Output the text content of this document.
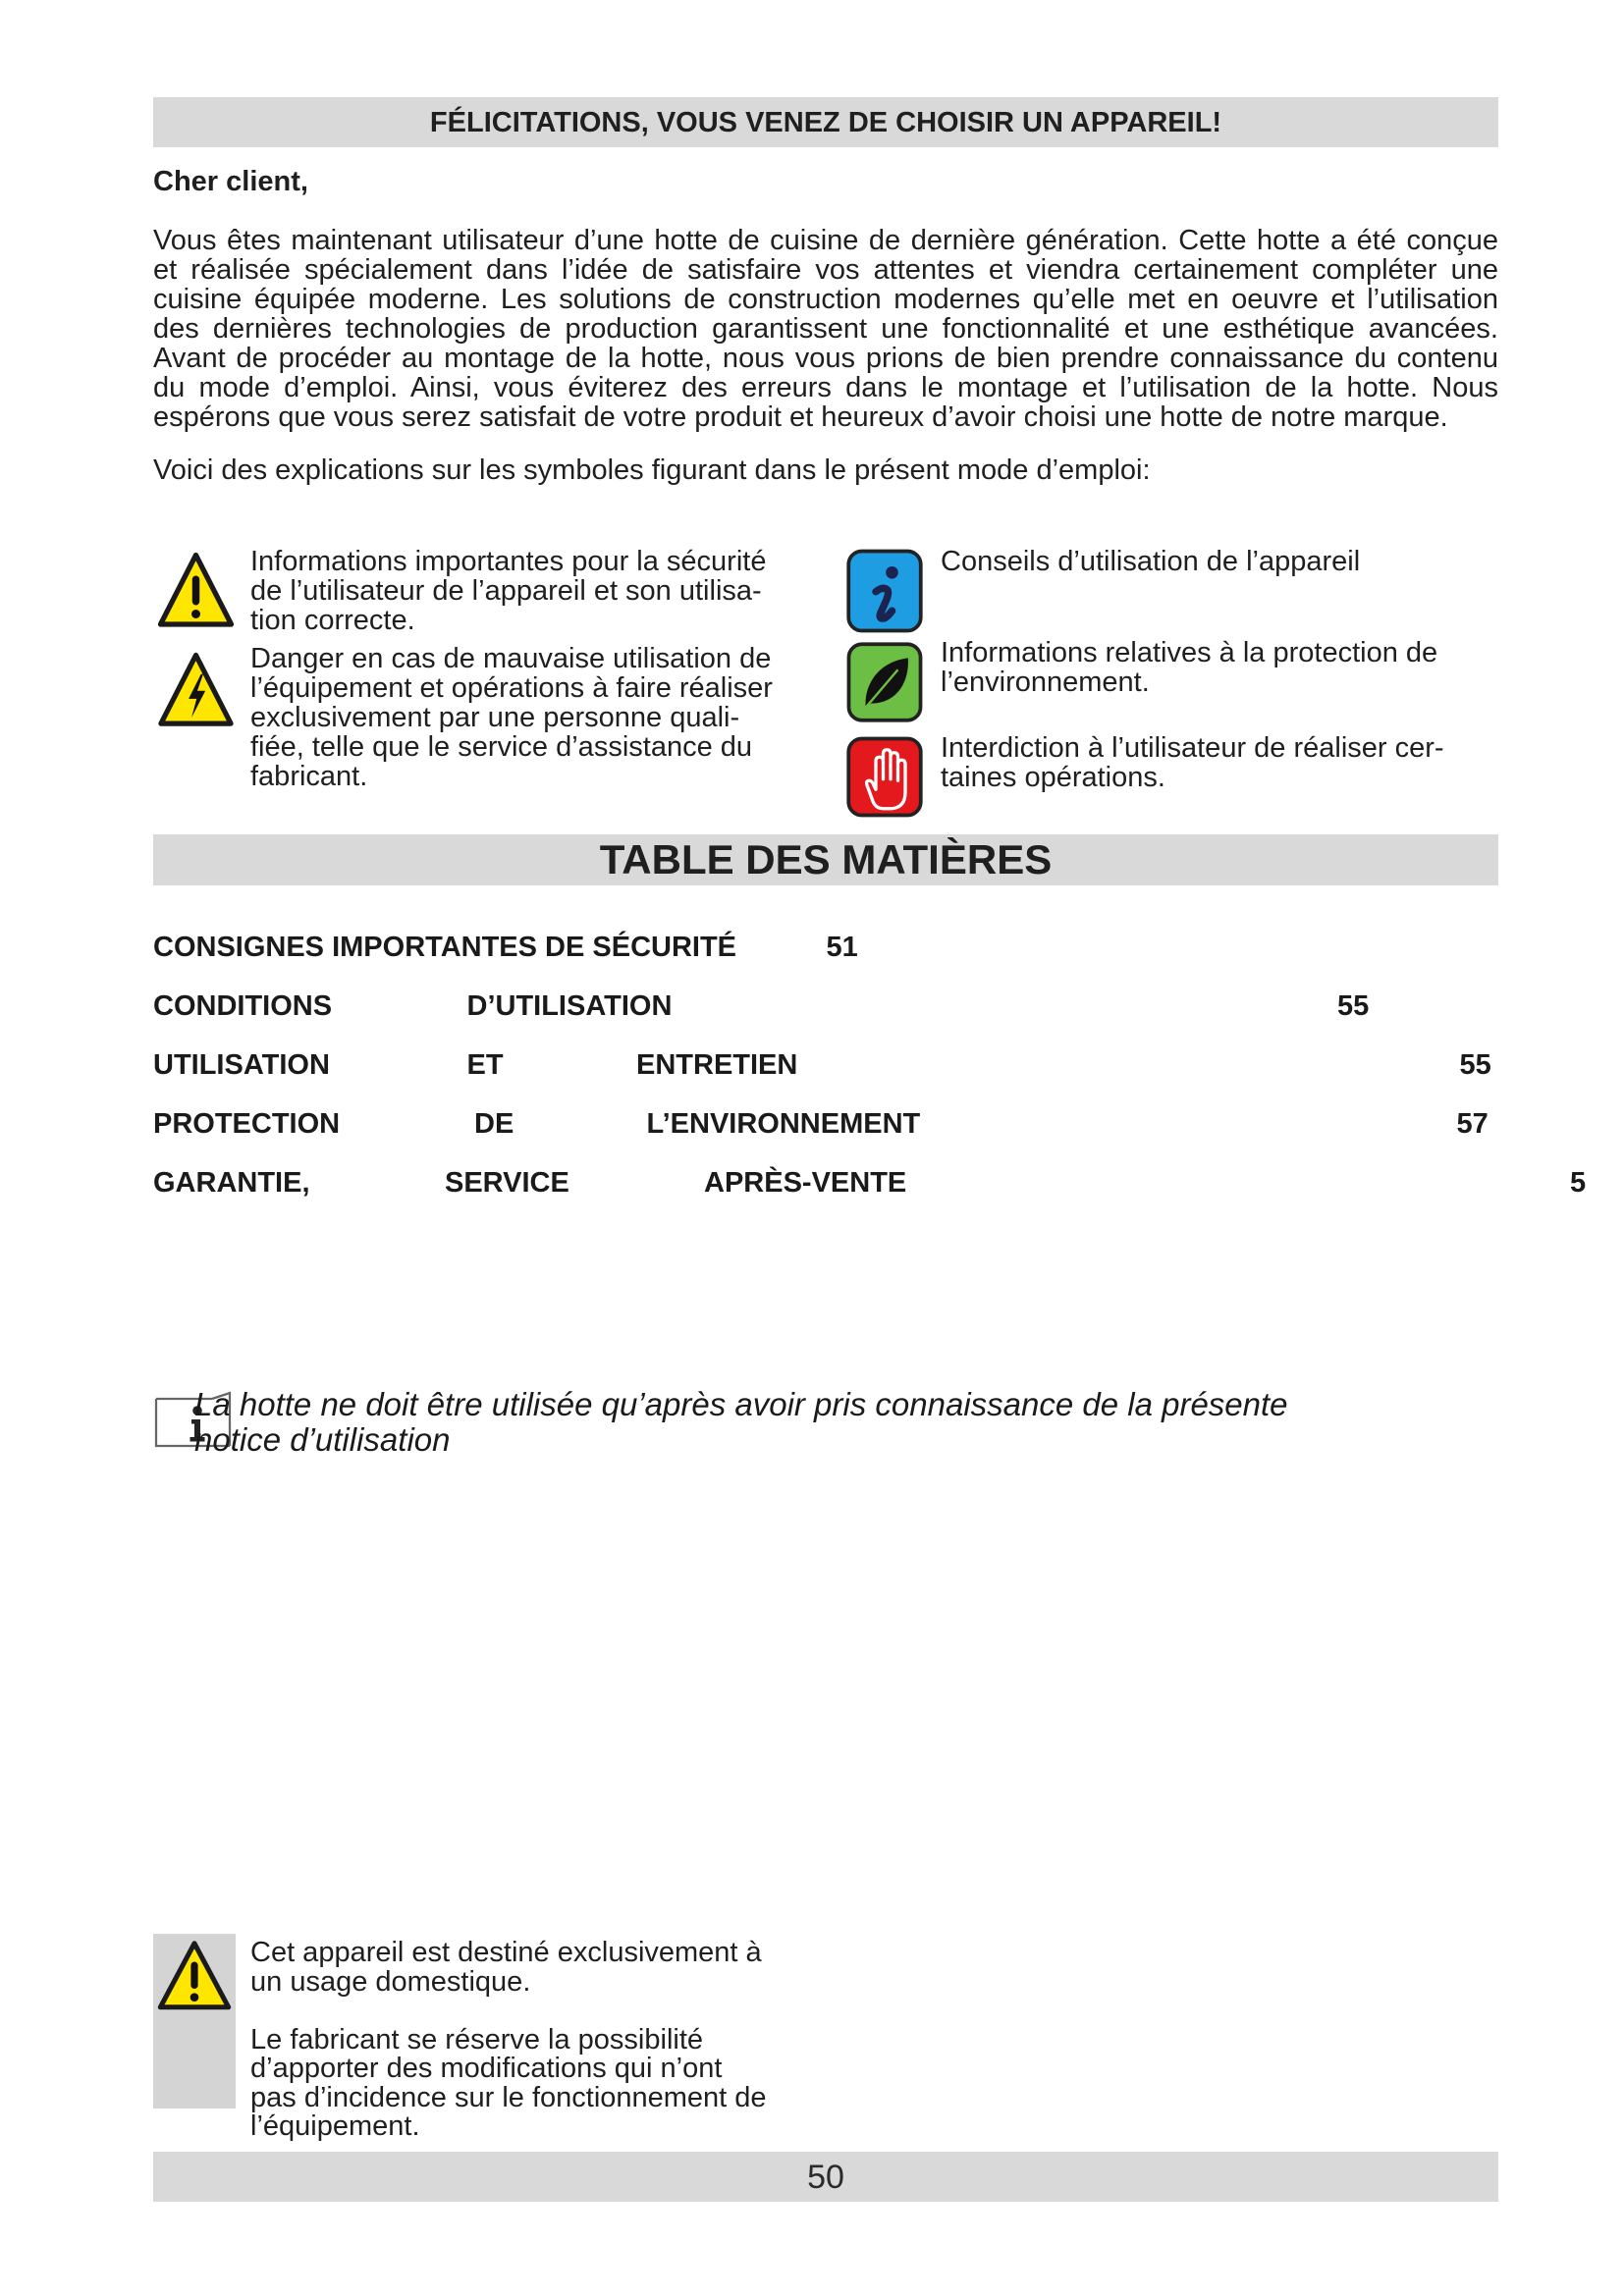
FÉLICITATIONS, VOUS VENEZ DE CHOISIR UN APPAREIL!
Cher client,
Vous êtes maintenant utilisateur d’une hotte de cuisine de dernière génération. Cette hotte a été conçue
et réalisée spécialement dans l’idée de satisfaire vos attentes et viendra certainement compléter une
cuisine équipée moderne. Les solutions de construction modernes qu’elle met en oeuvre et l’utilisation
des dernières technologies de production garantissent une fonctionnalité et une esthétique avancées.
Avant de procéder au montage de la hotte, nous vous prions de bien prendre connaissance du contenu
du mode d’emploi. Ainsi, vous éviterez des erreurs dans le montage et l’utilisation de la hotte. Nous
espérons que vous serez satisfait de votre produit et heureux d’avoir choisi une hotte de notre marque.
Voici des explications sur les symboles figurant dans le présent mode d’emploi:
Informations importantes pour la sécurité
de l’utilisateur de l’appareil et son utilisa-
tion correcte.
Danger en cas de mauvaise utilisation de
l’équipement et opérations à faire réaliser
exclusivement par une personne quali-
fiée, telle que le service d’assistance du
fabricant.
Conseils d’utilisation de l’appareil
Informations relatives à la protection de
l’environnement.
Interdiction à l’utilisateur de réaliser cer-
taines opérations.
TABLE DES MATIÈRES
CONSIGNES IMPORTANTES DE SÉCURITÉ	51
CONDITIONS	D’UTILISATION	55
UTILISATION	ET	ENTRETIEN	55
PROTECTION	DE	L’ENVIRONNEMENT	57
GARANTIE,	SERVICE	APRÈS-VENTE	5
La hotte ne doit être utilisée qu’après avoir pris connaissance de la présente
notice d’utilisation
Cet appareil est destiné exclusivement à
un usage domestique.
Le fabricant se réserve la possibilité
d’apporter des modifications qui n’ont
pas d’incidence sur le fonctionnement de
l’équipement.
50
